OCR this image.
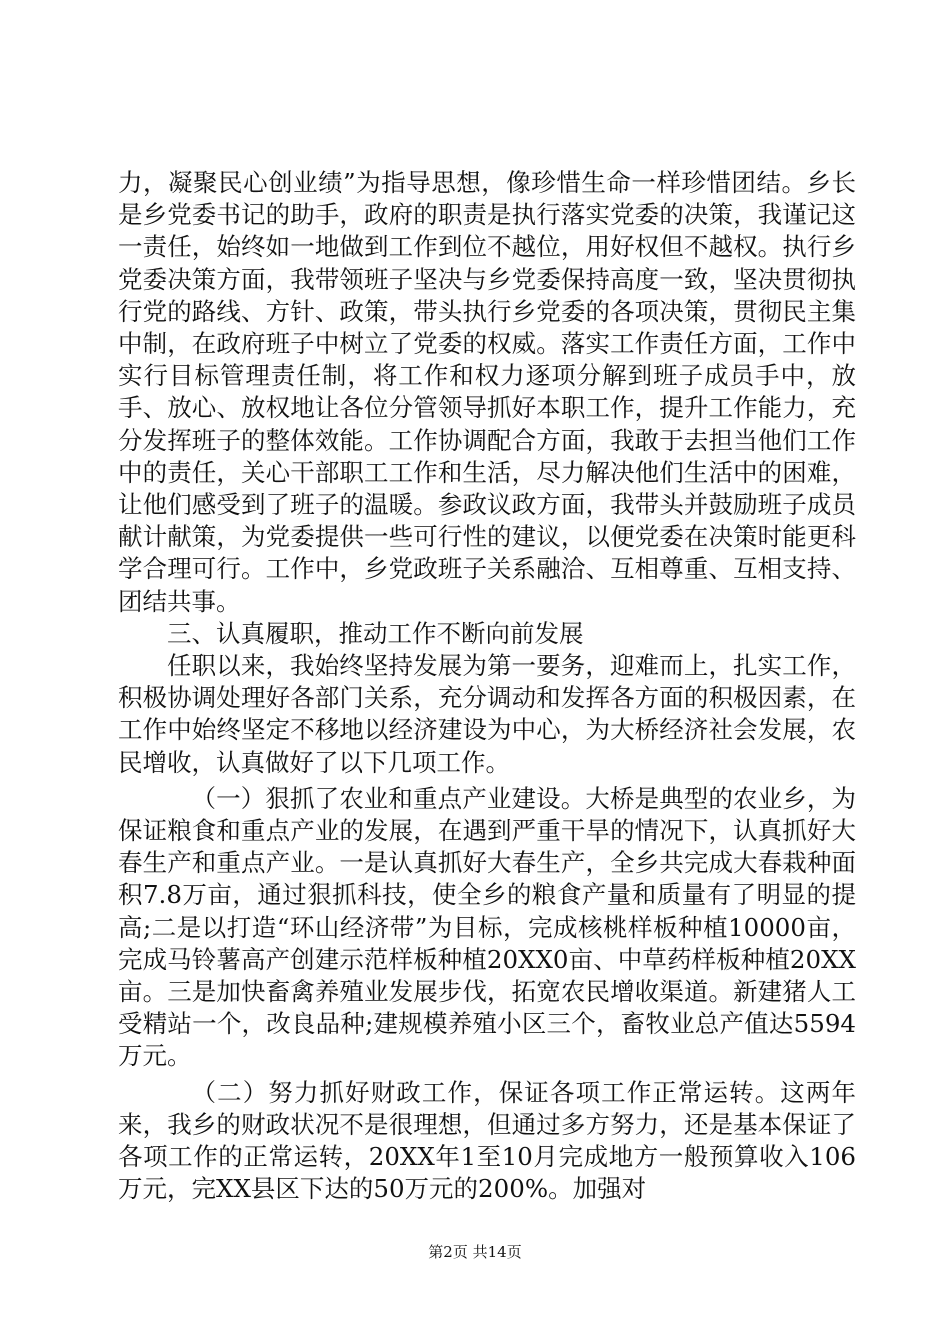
力，凝聚民心创业绩”为指导思想，像珍惜生命一样珍惜团结。乡长是乡党委书记的助手，政府的职责是执行落实党委的决策，我谨记这一责任，始终如一地做到工作到位不越位，用好权但不越权。执行乡党委决策方面，我带领班子坚决与乡党委保持高度一致，坚决贯彻执行党的路线、方针、政策，带头执行乡党委的各项决策，贯彻民主集中制，在政府班子中树立了党委的权威。落实工作责任方面，工作中实行目标管理责任制，将工作和权力逐项分解到班子成员手中，放手、放心、放权地让各位分管领导抓好本职工作，提升工作能力，充分发挥班子的整体效能。工作协调配合方面，我敢于去担当他们工作中的责任，关心干部职工工作和生活，尽力解决他们生活中的困难，让他们感受到了班子的温暖。参政议政方面，我带头并鼓励班子成员献计献策，为党委提供一些可行性的建议，以便党委在决策时能更科学合理可行。工作中，乡党政班子关系融洽、互相尊重、互相支持、团结共事。

三、认真履职，推动工作不断向前发展

任职以来，我始终坚持发展为第一要务，迎难而上，扎实工作，积极协调处理好各部门关系，充分调动和发挥各方面的积极因素，在工作中始终坚定不移地以经济建设为中心，为大桥经济社会发展，农民增收，认真做好了以下几项工作。

（一）狠抓了农业和重点产业建设。大桥是典型的农业乡，为保证粮食和重点产业的发展，在遇到严重干旱的情况下，认真抓好大春生产和重点产业。一是认真抓好大春生产，全乡共完成大春栽种面积7.8万亩，通过狠抓科技，使全乡的粮食产量和质量有了明显的提高;二是以打造“环山经济带”为目标，完成核桃样板种植10000亩，完成马铃薯高产创建示范样板种植20XX0亩、中草药样板种植20XX亩。三是加快畜禽养殖业发展步伐，拓宽农民增收渠道。新建猪人工受精站一个，改良品种;建规模养殖小区三个，畜牧业总产值达5594万元。

（二）努力抓好财政工作，保证各项工作正常运转。这两年来，我乡的财政状况不是很理想，但通过多方努力，还是基本保证了各项工作的正常运转，20XX年1至10月完成地方一般预算收入106万元，完XX县区下达的50万元的200%。加强对

第2页 共14页
